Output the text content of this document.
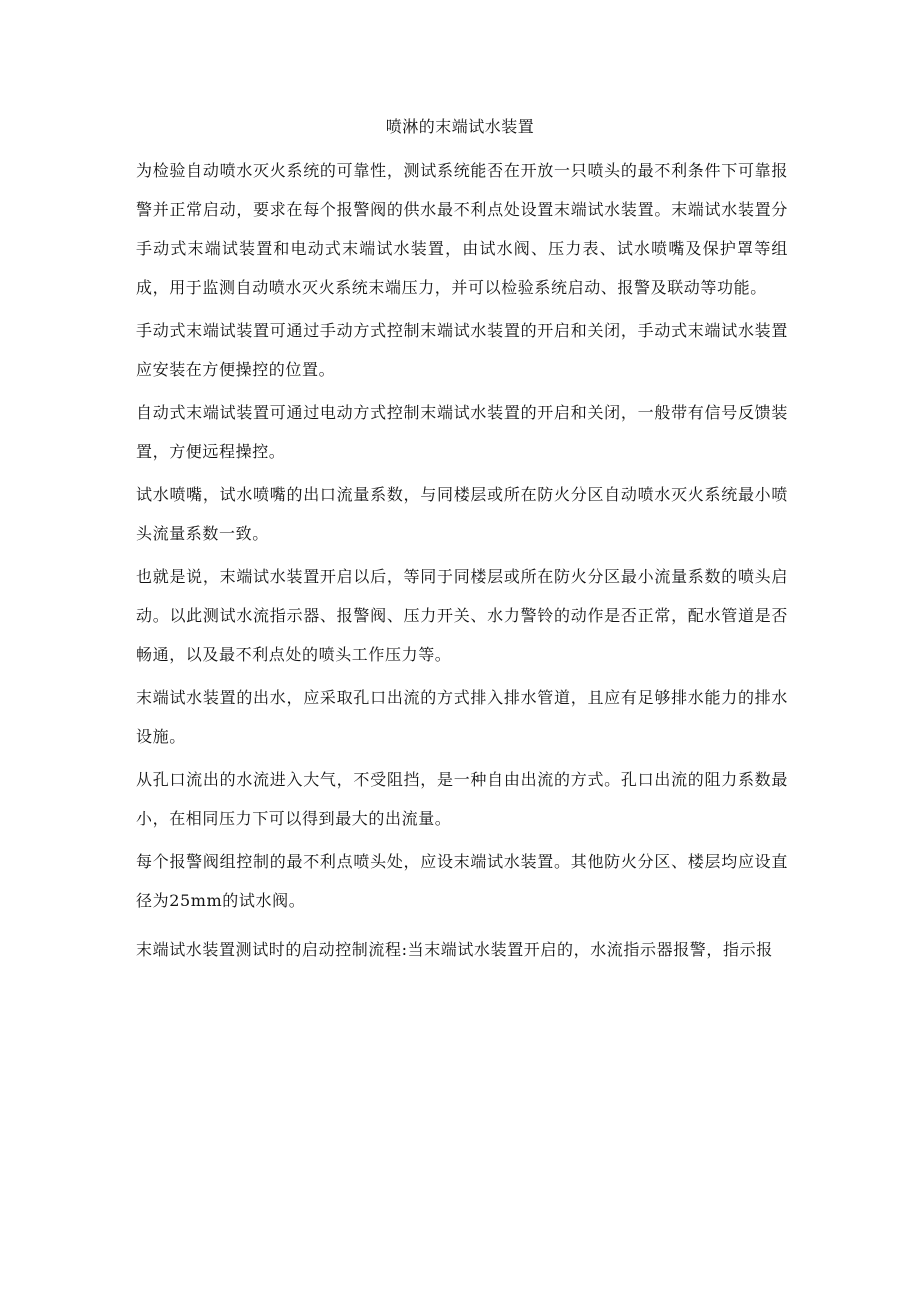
喷淋的末端试水装置

为检验自动喷水灭火系统的可靠性，测试系统能否在开放一只喷头的最不利条件下可靠报警并正常启动，要求在每个报警阀的供水最不利点处设置末端试水装置。末端试水装置分手动式末端试装置和电动式末端试水装置，由试水阀、压力表、试水喷嘴及保护罩等组成，用于监测自动喷水灭火系统末端压力，并可以检验系统启动、报警及联动等功能。

手动式末端试装置可通过手动方式控制末端试水装置的开启和关闭，手动式末端试水装置应安装在方便操控的位置。

自动式末端试装置可通过电动方式控制末端试水装置的开启和关闭，一般带有信号反馈装置，方便远程操控。

试水喷嘴，试水喷嘴的出口流量系数，与同楼层或所在防火分区自动喷水灭火系统最小喷头流量系数一致。

也就是说，末端试水装置开启以后，等同于同楼层或所在防火分区最小流量系数的喷头启动。以此测试水流指示器、报警阀、压力开关、水力警铃的动作是否正常，配水管道是否畅通，以及最不利点处的喷头工作压力等。

末端试水装置的出水，应采取孔口出流的方式排入排水管道，且应有足够排水能力的排水设施。

从孔口流出的水流进入大气，不受阻挡，是一种自由出流的方式。孔口出流的阻力系数最小，在相同压力下可以得到最大的出流量。

每个报警阀组控制的最不利点喷头处，应设末端试水装置。其他防火分区、楼层均应设直径为25mm的试水阀。

末端试水装置测试时的启动控制流程:当末端试水装置开启的，水流指示器报警，指示报
